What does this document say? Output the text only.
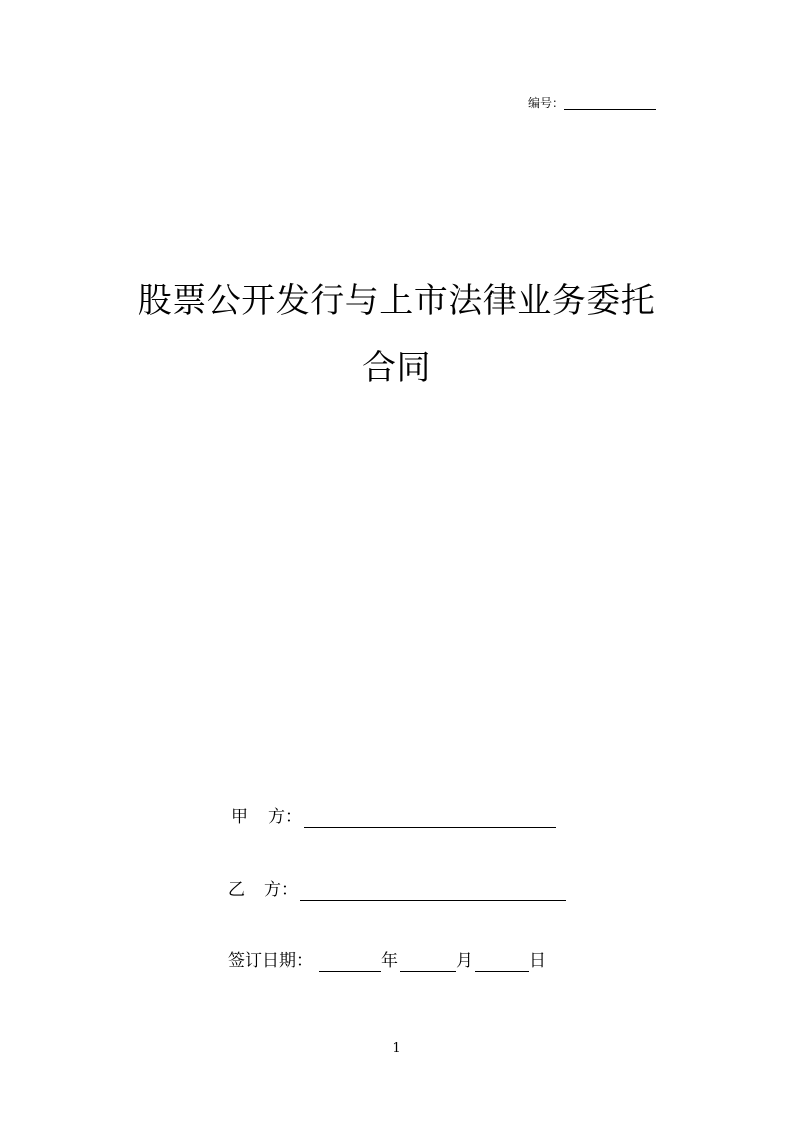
编号：
股票公开发行与上市法律业务委托
合同
甲 方：
乙 方：
签订日期：	年	月	日
1
